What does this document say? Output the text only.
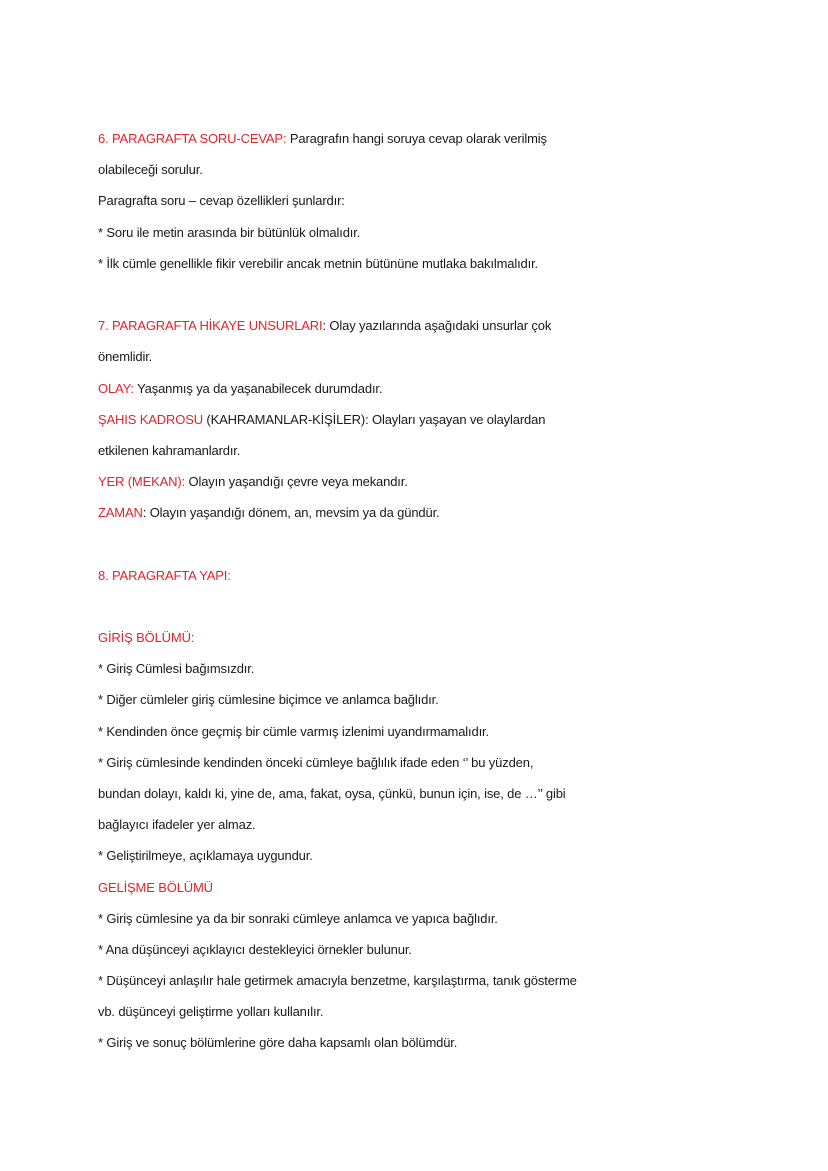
6. PARAGRAFTA SORU-CEVAP: Paragrafın hangi soruya cevap olarak verilmiş
olabileceği sorulur.
Paragrafta soru – cevap özellikleri şunlardır:
* Soru ile metin arasında bir bütünlük olmalıdır.
* İlk cümle genellikle fikir verebilir ancak metnin bütününe mutlaka bakılmalıdır.
7. PARAGRAFTA HİKAYE UNSURLARI: Olay yazılarında aşağıdaki unsurlar çok
önemlidir.
OLAY: Yaşanmış ya da yaşanabilecek durumdadır.
ŞAHIS KADROSU (KAHRAMANLAR-KİŞİLER): Olayları yaşayan ve olaylardan
etkilenen kahramanlardır.
YER (MEKAN): Olayın yaşandığı çevre veya mekandır.
ZAMAN: Olayın yaşandığı dönem, an, mevsim ya da gündür.
8. PARAGRAFTA YAPI:
GİRİŞ BÖLÜMÜ:
* Giriş Cümlesi bağımsızdır.
* Diğer cümleler giriş cümlesine biçimce ve anlamca bağlıdır.
* Kendinden önce geçmiş bir cümle varmış izlenimi uyandırmamalıdır.
* Giriş cümlesinde kendinden önceki cümleye bağlılık ifade eden ‘’ bu yüzden,
bundan dolayı, kaldı ki, yine de, ama, fakat, oysa, çünkü, bunun için, ise, de …’’ gibi
bağlayıcı ifadeler yer almaz.
* Geliştirilmeye, açıklamaya uygundur.
GELİŞME BÖLÜMÜ
* Giriş cümlesine ya da bir sonraki cümleye anlamca ve yapıca bağlıdır.
* Ana düşünceyi açıklayıcı destekleyici örnekler bulunur.
* Düşünceyi anlaşılır hale getirmek amacıyla benzetme, karşılaştırma, tanık gösterme
vb. düşünceyi geliştirme yolları kullanılır.
* Giriş ve sonuç bölümlerine göre daha kapsamlı olan bölümdür.
